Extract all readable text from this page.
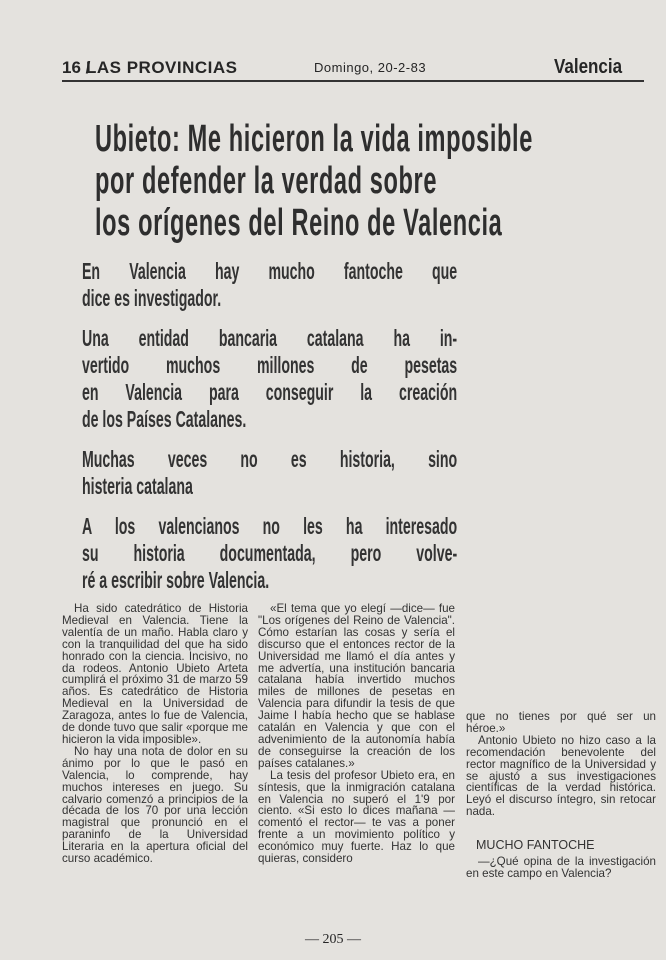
16 /
LAS PROVINCIAS	Domingo, 20-2-83	Valencia
Ubieto: Me hicieron la vida imposible
por defender la verdad sobre
los orígenes del Reino de Valencia
En Valencia hay mucho fantoche que
dice es investigador.
Una entidad bancaria catalana ha in-
vertido muchos millones de pesetas
en Valencia para conseguir la creación
de los Países Catalanes.
Muchas veces no es historia, sino
histeria catalana
A los valencianos no les ha interesado
su historia documentada, pero volve-
ré a escribir sobre Valencia.

Ha sido catedrático de Historia Medieval en Valencia. Tiene la valentía de un maño. Habla claro y con la tranquilidad del que ha sido honrado con la ciencia. Incisivo, no da rodeos. Antonio Ubieto Arteta cumplirá el próximo 31 de marzo 59 años. Es catedrático de Historia Medieval en la Universidad de Zaragoza, antes lo fue de Valencia, de donde tuvo que salir «porque me hicieron la vida imposible».

No hay una nota de dolor en su ánimo por lo que le pasó en Valencia, lo comprende, hay muchos intereses en juego. Su calvario comenzó a principios de la década de los 70 por una lección magistral que pronunció en el paraninfo de la Universidad Literaria en la apertura oficial del curso académico.

«El tema que yo elegí —dice— fue "Los orígenes del Reino de Valencia". Cómo estarían las cosas y sería el discurso que el entonces rector de la Universidad me llamó el día antes y me advertía, una institución bancaria catalana había invertido muchos miles de millones de pesetas en Valencia para difundir la tesis de que Jaime I había hecho que se hablase catalán en Valencia y que con el advenimiento de la autonomía había de conseguirse la creación de los países catalanes.»

La tesis del profesor Ubieto era, en síntesis, que la inmigración catalana en Valencia no superó el 1'9 por ciento. «Si esto lo dices mañana —comentó el rector— te vas a poner frente a un movimiento político y económico muy fuerte. Haz lo que quieras, considero

que no tienes por qué ser un héroe.»

Antonio Ubieto no hizo caso a la recomendación benevolente del rector magnífico de la Universidad y se ajustó a sus investigaciones científicas de la verdad histórica. Leyó el discurso íntegro, sin retocar nada.

MUCHO FANTOCHE

—¿Qué opina de la investigación en este campo en Valencia?

— 205 —
